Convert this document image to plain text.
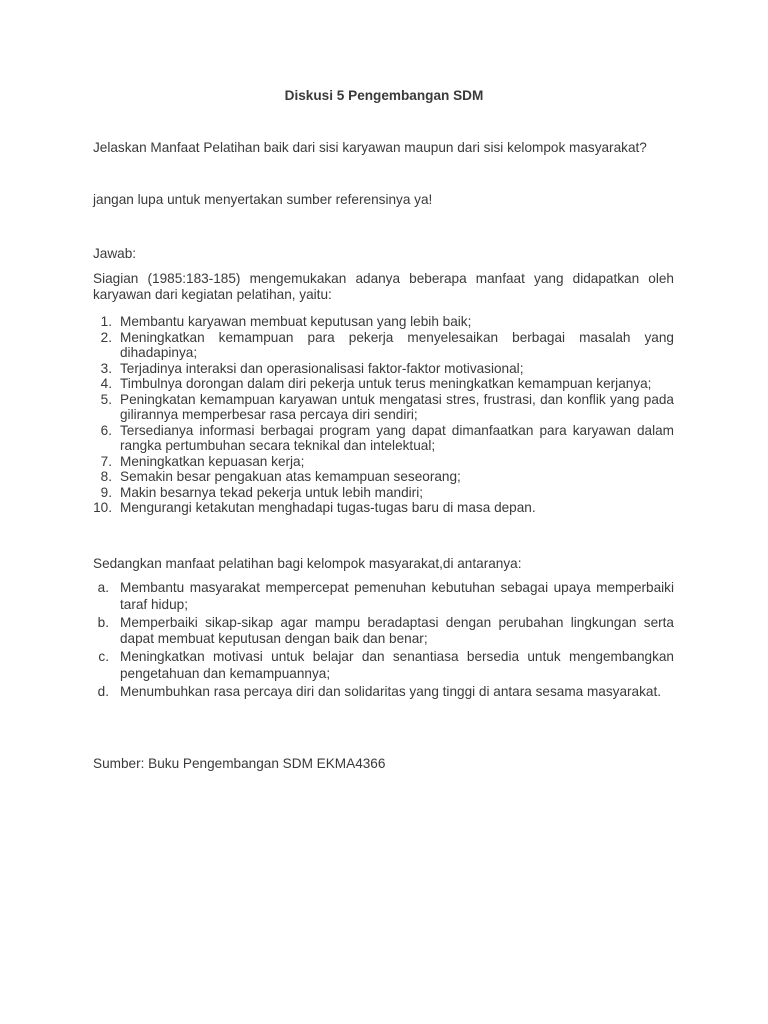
Diskusi 5 Pengembangan SDM
Jelaskan Manfaat Pelatihan baik dari sisi karyawan maupun dari sisi kelompok masyarakat?
jangan lupa untuk menyertakan sumber referensinya ya!
Jawab:
Siagian (1985:183-185) mengemukakan adanya beberapa manfaat yang didapatkan oleh karyawan dari kegiatan pelatihan, yaitu:
1. Membantu karyawan membuat keputusan yang lebih baik;
2. Meningkatkan kemampuan para pekerja menyelesaikan berbagai masalah yang dihadapinya;
3. Terjadinya interaksi dan operasionalisasi faktor-faktor motivasional;
4. Timbulnya dorongan dalam diri pekerja untuk terus meningkatkan kemampuan kerjanya;
5. Peningkatan kemampuan karyawan untuk mengatasi stres, frustrasi, dan konflik yang pada gilirannya memperbesar rasa percaya diri sendiri;
6. Tersedianya informasi berbagai program yang dapat dimanfaatkan para karyawan dalam rangka pertumbuhan secara teknikal dan intelektual;
7. Meningkatkan kepuasan kerja;
8. Semakin besar pengakuan atas kemampuan seseorang;
9. Makin besarnya tekad pekerja untuk lebih mandiri;
10. Mengurangi ketakutan menghadapi tugas-tugas baru di masa depan.
Sedangkan manfaat pelatihan bagi kelompok masyarakat,di antaranya:
a. Membantu masyarakat mempercepat pemenuhan kebutuhan sebagai upaya memperbaiki taraf hidup;
b. Memperbaiki sikap-sikap agar mampu beradaptasi dengan perubahan lingkungan serta dapat membuat keputusan dengan baik dan benar;
c. Meningkatkan motivasi untuk belajar dan senantiasa bersedia untuk mengembangkan pengetahuan dan kemampuannya;
d. Menumbuhkan rasa percaya diri dan solidaritas yang tinggi di antara sesama masyarakat.
Sumber: Buku Pengembangan SDM EKMA4366
